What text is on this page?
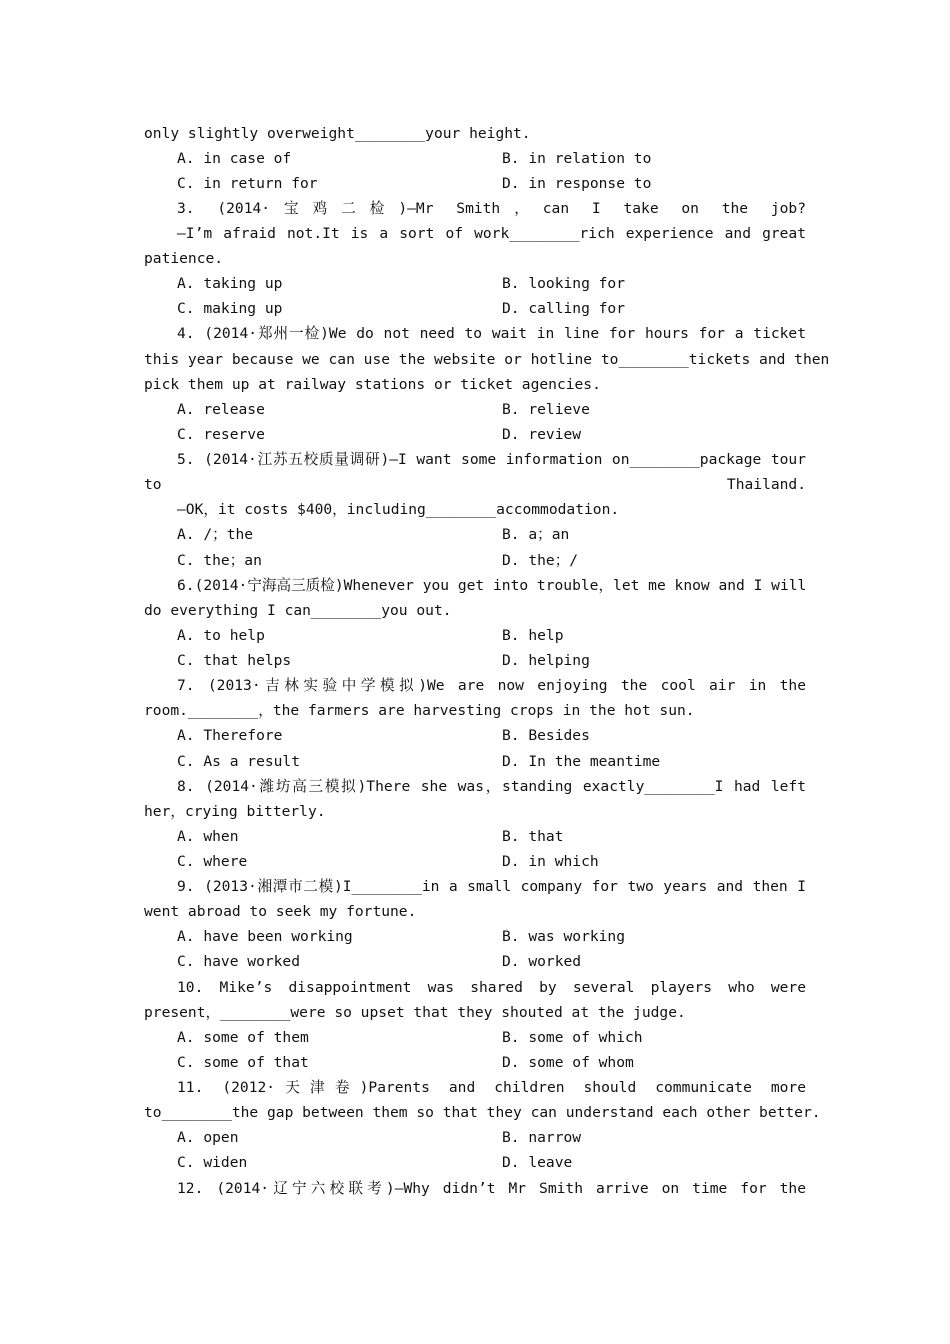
only slightly overweight________your height.
A. in case of	B. in relation to
C. in return for	D. in response to
3. (2014·宝鸡二检)—Mr Smith，can I take on the job?
—I’m afraid not.It is a sort of work________rich experience and great
patience.
A. taking up	B. looking for
C. making up	D. calling for
4. (2014·郑州一检)We do not need to wait in line for hours for a ticket
this year because we can use the website or hotline to________tickets and then
pick them up at railway stations or ticket agencies.
A. release	B. relieve
C. reserve	D. review
5. (2014·江苏五校质量调研)—I want some information on________package tour
to Thailand.
—OK，it costs $400，including________accommodation.
A. /；the	B. a；an
C. the；an	D. the；/
6.(2014·宁海高三质检)Whenever you get into trouble，let me know and I will
do everything I can________you out.
A. to help	B. help
C. that helps	D. helping
7. (2013·吉林实验中学模拟)We are now enjoying the cool air in the
room.________，the farmers are harvesting crops in the hot sun.
A. Therefore	B. Besides
C. As a result	D. In the meantime
8. (2014·潍坊高三模拟)There she was，standing exactly________I had left
her，crying bitterly.
A. when	B. that
C. where	D. in which
9. (2013·湘潭市二模)I________in a small company for two years and then I
went abroad to seek my fortune.
A. have been working	B. was working
C. have worked	D. worked
10. Mike’s disappointment was shared by several players who were
present，________were so upset that they shouted at the judge.
A. some of them	B. some of which
C. some of that	D. some of whom
11. (2012·天津卷)Parents and children should communicate more
to________the gap between them so that they can understand each other better.
A. open	B. narrow
C. widen	D. leave
12. (2014·辽宁六校联考)—Why didn’t Mr Smith arrive on time for the
